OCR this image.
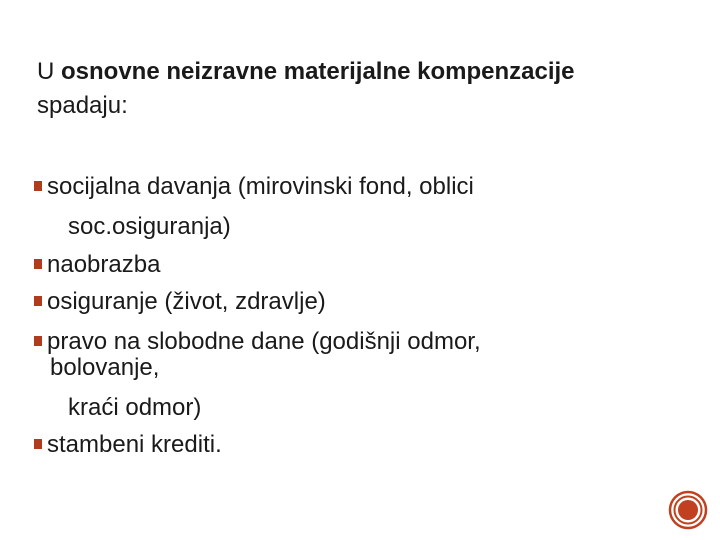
U osnovne neizravne materijalne kompenzacije
spadaju:
socijalna davanja (mirovinski fond, oblici
soc.osiguranja)
naobrazba
osiguranje (život, zdravlje)
pravo na slobodne dane (godišnji odmor,
bolovanje,
kraći odmor)
stambeni krediti.
